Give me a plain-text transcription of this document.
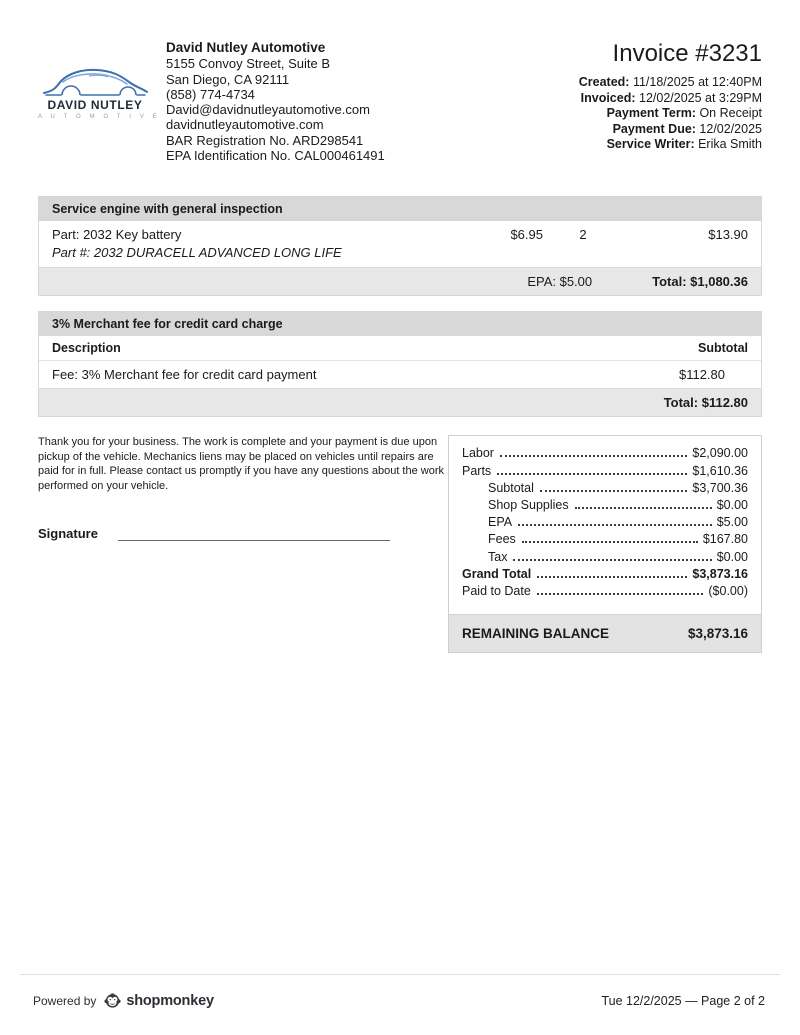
DAVID NUTLEY
A U T O M O T I V E
David Nutley Automotive
5155 Convoy Street, Suite B
San Diego, CA 92111
(858) 774-4734
David@davidnutleyautomotive.com
davidnutleyautomotive.com
BAR Registration No. ARD298541
EPA Identification No. CAL000461491
Invoice #3231
Created: 11/18/2025 at 12:40PM
Invoiced: 12/02/2025 at 3:29PM
Payment Term: On Receipt
Payment Due: 12/02/2025
Service Writer: Erika Smith
Service engine with general inspection
Part: 2032 Key battery
Part #: 2032 DURACELL ADVANCED LONG LIFE
$6.95	2	$13.90
EPA: $5.00	Total: $1,080.36
3% Merchant fee for credit card charge
Description	Subtotal
Fee: 3% Merchant fee for credit card payment	$112.80
Total: $112.80
Thank you for your business. The work is complete and your payment is due upon pickup of the vehicle. Mechanics liens may be placed on vehicles until repairs are paid for in full. Please contact us promptly if you have any questions about the work performed on your vehicle.
Signature
Labor	$2,090.00
Parts	$1,610.36
Subtotal	$3,700.36
Shop Supplies	$0.00
EPA	$5.00
Fees	$167.80
Tax	$0.00
Grand Total	$3,873.16
Paid to Date	($0.00)
REMAINING BALANCE	$3,873.16
Powered by shopmonkey	Tue 12/2/2025 — Page 2 of 2
